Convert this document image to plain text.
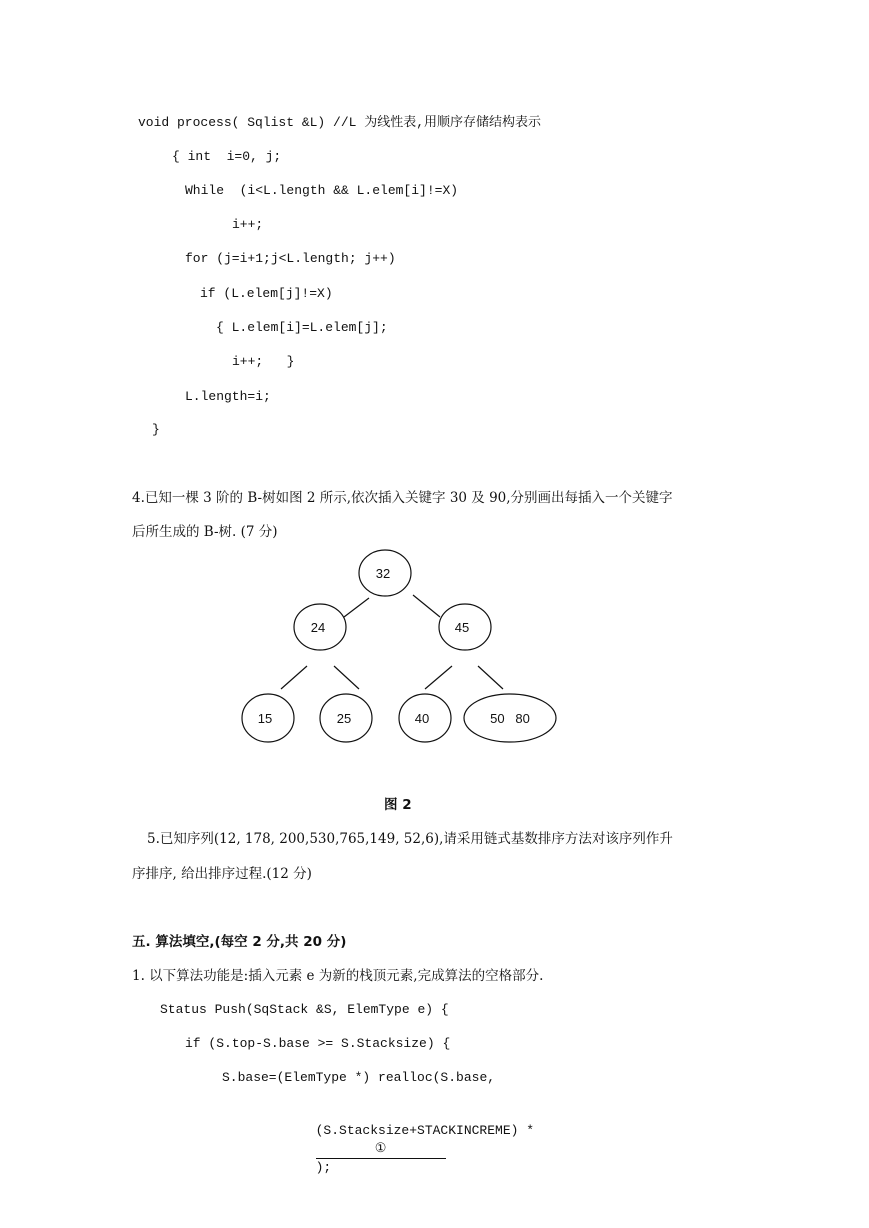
void process( Sqlist &L) //L 为线性表,用顺序存储结构表示
{ int  i=0, j;
While  (i<L.length && L.elem[i]!=X)
i++;
for (j=i+1;j<L.length; j++)
if (L.elem[j]!=X)
{ L.elem[i]=L.elem[j];
i++;   }
L.length=i;
}
4.已知一棵 3 阶的 B-树如图 2 所示,依次插入关键字 30 及 90,分别画出每插入一个关键字
后所生成的 B-树. (7 分)
32
24	45
15	25	40	50   80
图 2
5.已知序列(12, 178, 200,530,765,149, 52,6),请采用链式基数排序方法对该序列作升
序排序, 给出排序过程.(12 分)
五. 算法填空,(每空 2 分,共 20 分)
1. 以下算法功能是:插入元素 e 为新的栈顶元素,完成算法的空格部分.
Status Push(SqStack &S, ElemType e) {
if (S.top-S.base >= S.Stacksize) {
S.base=(ElemType *) realloc(S.base,

(S.Stacksize+STACKINCREME) *
①
);
